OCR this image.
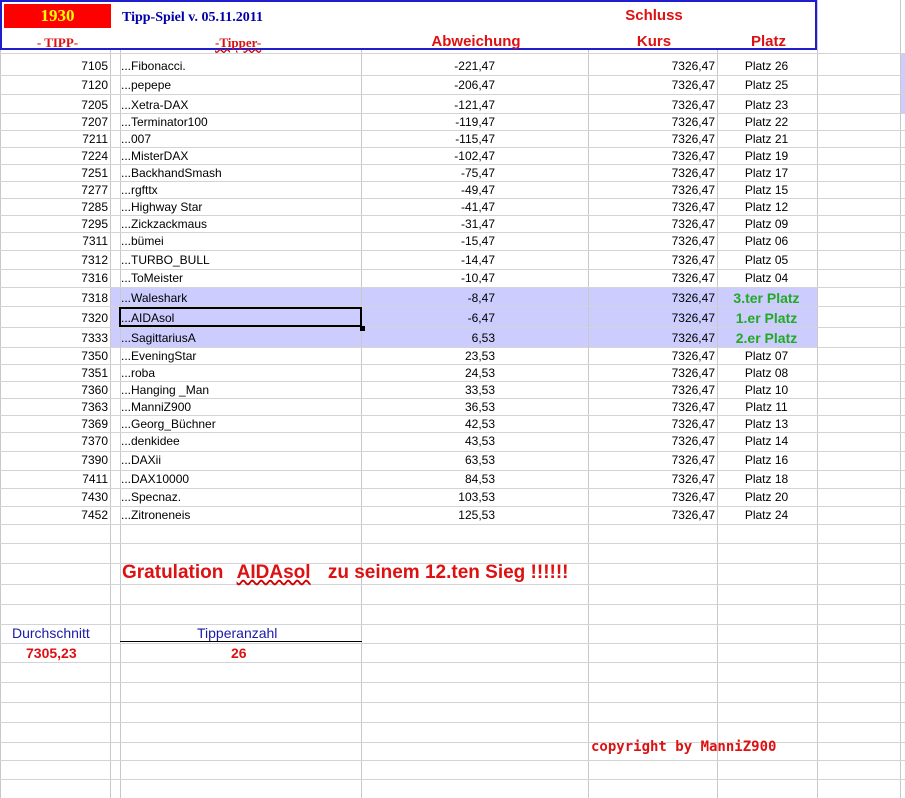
1930
- TIPP-
Tipp-Spiel v. 05.11.2011
-Tipper-	Abweichung
Schluss
Kurs	Platz
7105 ...Fibonacci.	-221,47	7326,47	Platz 26
7120 ...pepepe	-206,47	7326,47	Platz 25
7205 ...Xetra-DAX	-121,47	7326,47	Platz 23
7207 ...Terminator100	-119,47	7326,47	Platz 22
7211 ...007	-115,47	7326,47	Platz 21
7224 ...MisterDAX	-102,47	7326,47	Platz 19
7251 ...BackhandSmash	-75,47	7326,47	Platz 17
7277 ...rgfttx	-49,47	7326,47	Platz 15
7285 ...Highway Star	-41,47	7326,47	Platz 12
7295 ...Zickzackmaus	-31,47	7326,47	Platz 09
7311 ...bümei	-15,47	7326,47	Platz 06
7312 ...TURBO_BULL	-14,47	7326,47	Platz 05
7316 ...ToMeister	-10,47	7326,47	Platz 04
7318 ...Waleshark	-8,47	7326,47	3.ter Platz
7320 ...AIDAsol	-6,47	7326,47	1.er Platz
7333 ...SagittariusA	6,53	7326,47	2.er Platz
7350 ...EveningStar	23,53	7326,47	Platz 07
7351 ...roba	24,53	7326,47	Platz 08
7360 ...Hanging _Man	33,53	7326,47	Platz 10
7363 ...ManniZ900	36,53	7326,47	Platz 11
7369 ...Georg_Büchner	42,53	7326,47	Platz 13
7370 ...denkidee	43,53	7326,47	Platz 14
7390 ...DAXii	63,53	7326,47	Platz 16
7411 ...DAX10000	84,53	7326,47	Platz 18
7430 ...Specnaz.	103,53	7326,47	Platz 20
7452 ...Zitroneneis	125,53	7326,47	Platz 24
Gratulation AIDAsol zu seinem 12.ten Sieg !!!!!!
Durchschnitt
7305,23
Tipperanzahl
26
copyright by ManniZ900
